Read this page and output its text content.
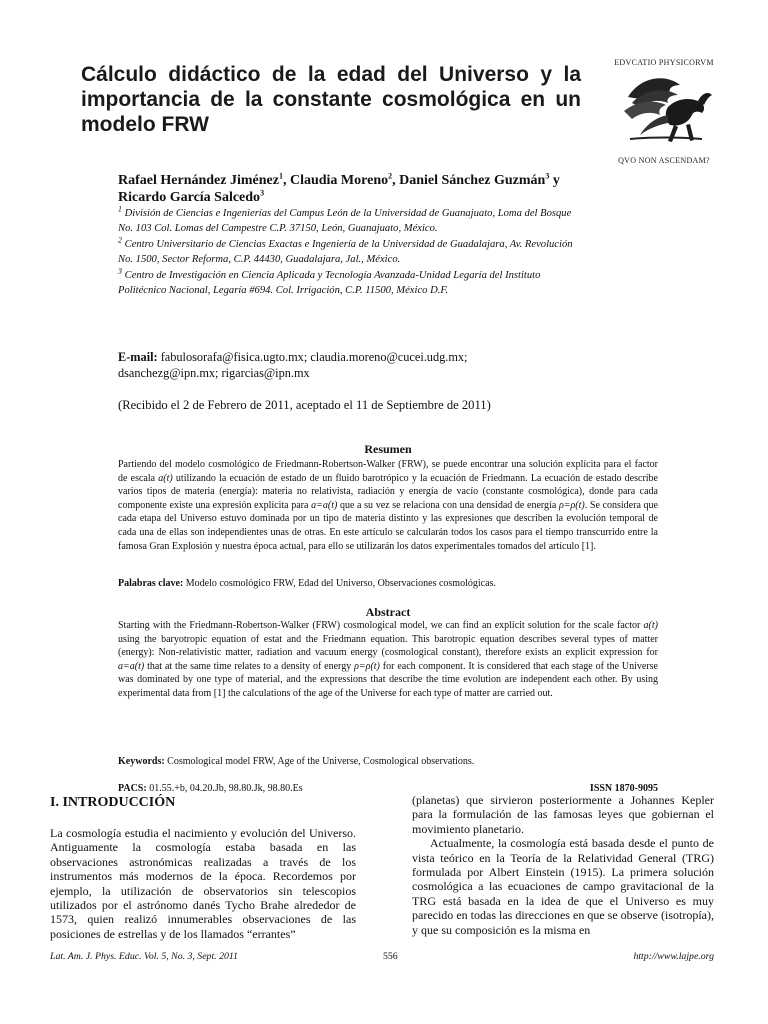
Cálculo didáctico de la edad del Universo y la importancia de la constante cosmológica en un modelo FRW
EDVCATIO PHYSICORVM
QVO NON ASCENDAM?
Rafael Hernández Jiménez$^1$, Claudia Moreno$^2$, Daniel Sánchez Guzmán$^3$ y
Ricardo García Salcedo$^3$
$^1$ División de Ciencias e Ingenierías del Campus León de la Universidad de Guanajuato, Loma del Bosque No. 103 Col. Lomas del Campestre C.P. 37150, León, Guanajuato, México.
$^2$ Centro Universitario de Ciencias Exactas e Ingeniería de la Universidad de Guadalajara, Av. Revolución No. 1500, Sector Reforma, C.P. 44430, Guadalajara, Jal., México.
$^3$ Centro de Investigación en Ciencia Aplicada y Tecnología Avanzada-Unidad Legaría del Instituto Politécnico Nacional, Legaría #694. Col. Irrigación, C.P. 11500, México D.F.
E-mail: fabulosorafa@fisica.ugto.mx; claudia.moreno@cucei.udg.mx;
dsanchezg@ipn.mx; rigarcias@ipn.mx
(Recibido el 2 de Febrero de 2011, aceptado el 11 de Septiembre de 2011)
Resumen
Partiendo del modelo cosmológico de Friedmann-Robertson-Walker (FRW), se puede encontrar una solución explícita para el factor de escala a(t) utilizando la ecuación de estado de un fluido barotrópico y la ecuación de Friedmann. La ecuación de estado describe varios tipos de materia (energía): materia no relativista, radiación y energía de vacío (constante cosmológica), donde para cada componente existe una expresión explícita para a=a(t) que a su vez se relaciona con una densidad de energía ρ=ρ(t). Se considera que cada etapa del Universo estuvo dominada por un tipo de materia distinto y las expresiones que describen la evolución temporal de cada una de ellas son independientes unas de otras. En este artículo se calcularán todos los casos para el tiempo transcurrido entre la famosa Gran Explosión y nuestra época actual, para ello se utilizarán los datos experimentales tomados del artículo [1].
Palabras clave: Modelo cosmológico FRW, Edad del Universo, Observaciones cosmológicas.
Abstract
Starting with the Friedmann-Robertson-Walker (FRW) cosmological model, we can find an explicit solution for the scale factor a(t) using the baryotropic equation of estat and the Friedmann equation. This barotropic equation describes several types of matter (energy): Non-relativistic matter, radiation and vacuum energy (cosmological constant), therefore exists an explicit expression for a=a(t) that at the same time relates to a density of energy ρ=ρ(t) for each component. It is considered that each stage of the Universe was dominated by one type of material, and the expressions that describe the time evolution are independent each other. By using experimental data from [1] the calculations of the age of the Universe for each type of matter are carried out.
Keywords: Cosmological model FRW, Age of the Universe, Cosmological observations.
PACS: 01.55.+b, 04.20.Jb, 98.80.Jk, 98.80.Es	ISSN 1870-9095
I. INTRODUCCIÓN
La cosmología estudia el nacimiento y evolución del Universo. Antiguamente la cosmología estaba basada en las observaciones astronómicas realizadas a través de los instrumentos más modernos de la época. Recordemos por ejemplo, la utilización de observatorios sin telescopios utilizados por el astrónomo danés Tycho Brahe alrededor de 1573, quien realizó innumerables observaciones de las posiciones de estrellas y de los llamados “errantes”
(planetas) que sirvieron posteriormente a Johannes Kepler para la formulación de las famosas leyes que gobiernan el movimiento planetario.
Actualmente, la cosmología está basada desde el punto de vista teórico en la Teoría de la Relatividad General (TRG) formulada por Albert Einstein (1915). La primera solución cosmológica a las ecuaciones de campo gravitacional de la TRG está basada en la idea de que el Universo es muy parecido en todas las direcciones en que se observe (isotropía), y que su composición es la misma en
Lat. Am. J. Phys. Educ. Vol. 5, No. 3, Sept. 2011	556	http://www.lajpe.org
